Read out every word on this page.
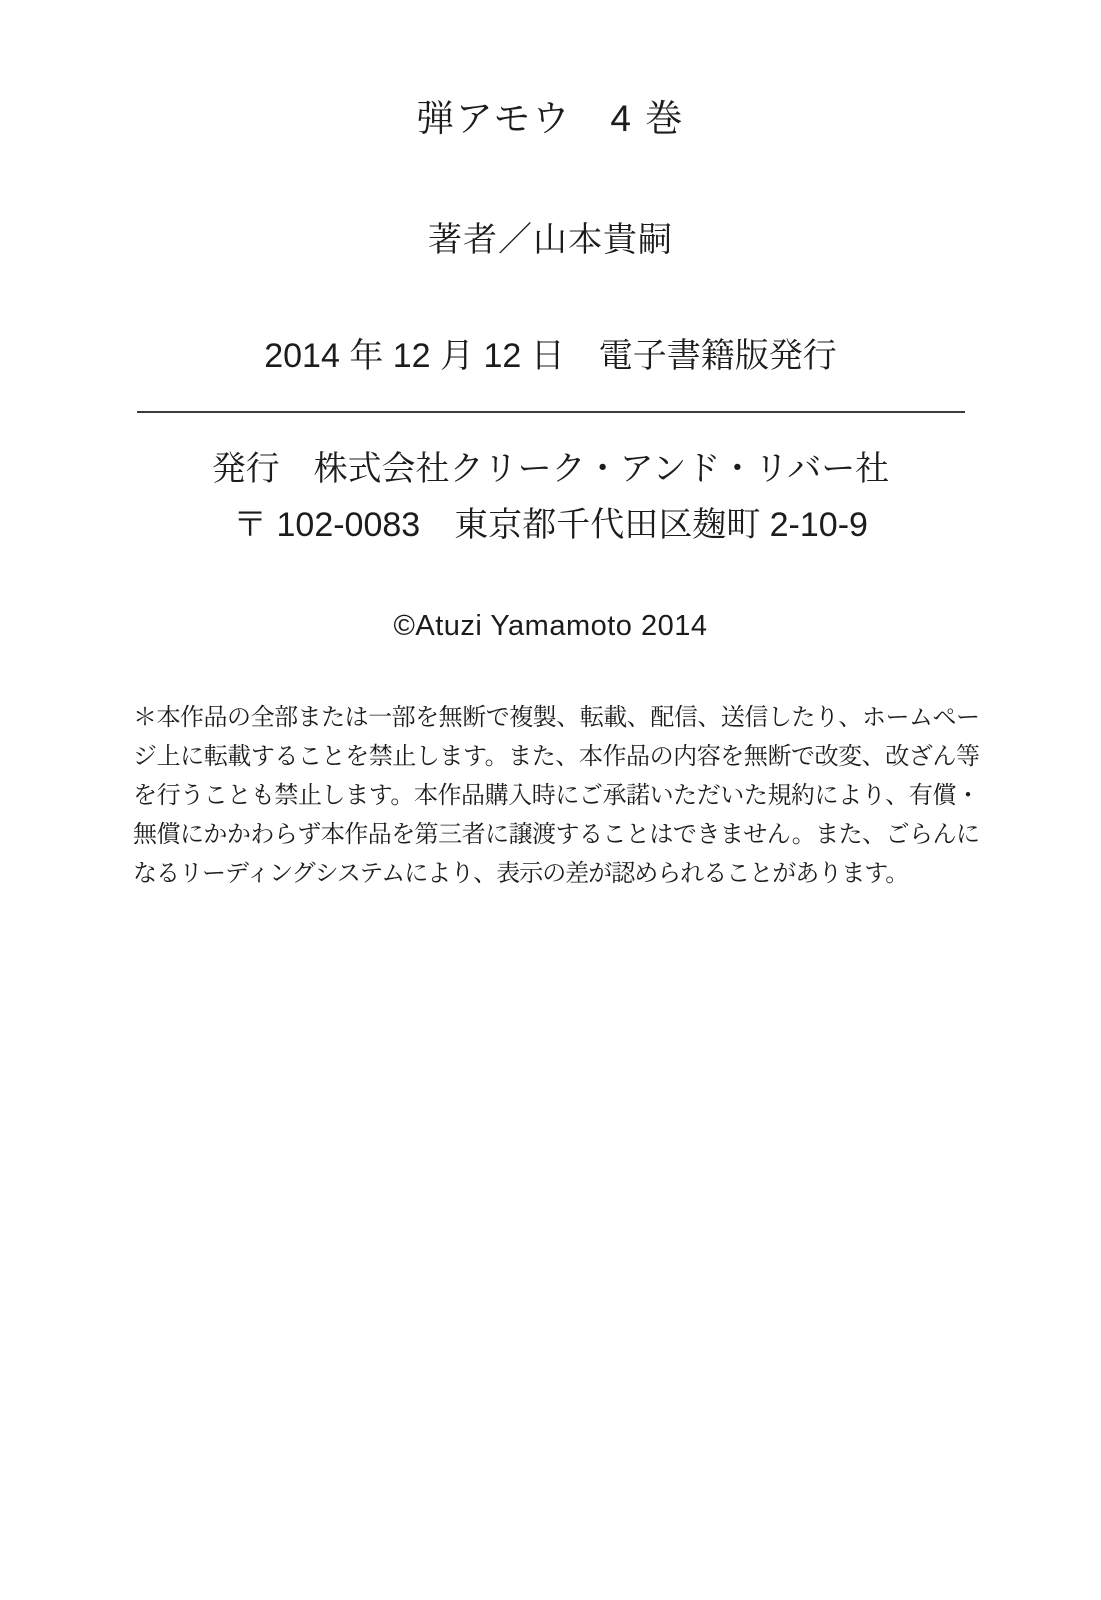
弾アモウ　4 巻
著者／山本貴嗣
2014 年 12 月 12 日　電子書籍版発行
発行　株式会社クリーク・アンド・リバー社
〒 102-0083　東京都千代田区麹町 2-10-9
©Atuzi Yamamoto 2014
＊本作品の全部または一部を無断で複製、転載、配信、送信したり、ホームページ上に転載することを禁止します。また、本作品の内容を無断で改変、改ざん等を行うことも禁止します。本作品購入時にご承諾いただいた規約により、有償・無償にかかわらず本作品を第三者に譲渡することはできません。また、ごらんになるリーディングシステムにより、表示の差が認められることがあります。
